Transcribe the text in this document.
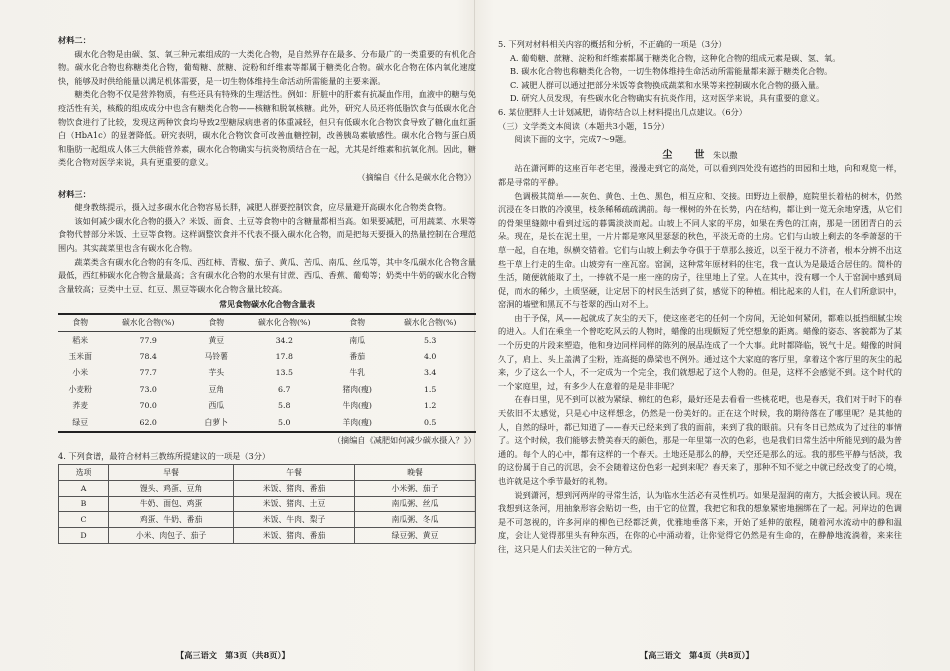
材料二：

碳水化合物是由碳、氢、氧三种元素组成的一大类化合物，是自然界存在最多、分布最广的一类重要的有机化合物。碳水化合物也称糖类化合物，葡萄糖、蔗糖、淀粉和纤维素等都属于糖类化合物。碳水化合物在体内氧化速度快，能够及时供给能量以满足机体需要，是一切生物体维持生命活动所需能量的主要来源。

糖类化合物不仅是营养物质，有些还具有特殊的生理活性。例如：肝脏中的肝素有抗凝血作用，血液中的糖与免疫活性有关，核酸的组成成分中也含有糖类化合物——核糖和脱氧核糖。此外，研究人员还将低脂饮食与低碳水化合物饮食进行了比较，发现这两种饮食均导致2型糖尿病患者的体重减轻，但只有低碳水化合物饮食导致了糖化血红蛋白（HbA1c）的显著降低。研究表明，碳水化合物饮食可改善血糖控制，改善胰岛素敏感性。碳水化合物与蛋白质和脂肪一起组成人体三大供能营养素，碳水化合物确实与抗炎物质结合在一起，尤其是纤维素和抗氧化剂。因此，糖类化合物对医学来说，具有更重要的意义。

（摘编自《什么是碳水化合物》）

材料三：

健身教练提示，摄入过多碳水化合物容易长胖，减肥人群要控制饮食，应尽量避开高碳水化合物类食物。

该如何减少碳水化合物的摄入？米饭、面食、土豆等食物中的含糖量都相当高。如果要减肥，可用蔬菜、水果等食物代替部分米饭、土豆等食物。这样调整饮食并不代表不摄入碳水化合物，而是把每天要摄入的热量控制在合理范围内。其实蔬菜里也含有碳水化合物。

蔬菜类含有碳水化合物的有冬瓜、西红柿、青椒、茄子、黄瓜、苦瓜、南瓜、丝瓜等，其中冬瓜碳水化合物含量最低，西红柿碳水化合物含量最高；含有碳水化合物的水果有甘蔗、西瓜、香蕉、葡萄等；奶类中牛奶的碳水化合物含量较高；豆类中土豆、红豆、黑豆等碳水化合物含量比较高。

常见食物碳水化合物含量表
食物	碳水化合物(%)	食物	碳水化合物(%)	食物	碳水化合物(%)
稻米	77.9	黄豆	34.2	南瓜	5.3
玉米面	78.4	马铃薯	17.8	番茄	4.0
小米	77.7	芋头	13.5	牛乳	3.4
小麦粉	73.0	豆角	6.7	猪肉(瘦)	1.5
荞麦	70.0	西瓜	5.8	牛肉(瘦)	1.2
绿豆	62.0	白萝卜	5.0	羊肉(瘦)	0.5

（摘编自《减肥如何减少碳水摄入？》）

4. 下列食谱，最符合材料三教练所提建议的一项是（3分）

选项	早餐	午餐	晚餐
A	馒头、鸡蛋、豆角	米饭、猪肉、番茄	小米粥、茄子
B	牛奶、面包、鸡蛋	米饭、猪肉、土豆	南瓜粥、丝瓜
C	鸡蛋、牛奶、番茄	米饭、牛肉、梨子	南瓜粥、冬瓜
D	小米、肉包子、茄子	米饭、猪肉、番茄	绿豆粥、黄豆
【高三语文　第3页（共8页）】

5. 下列对材料相关内容的概括和分析，不正确的一项是（3分）

A. 葡萄糖、蔗糖、淀粉和纤维素都属于糖类化合物，这种化合物的组成元素是碳、氢、氧。

B. 碳水化合物也称糖类化合物，一切生物体维持生命活动所需能量都来源于糖类化合物。

C. 减肥人群可以通过把部分米饭等食物换成蔬菜和水果等来控制碳水化合物的摄入量。

D. 研究人员发现，有些碳水化合物确实有抗炎作用，这对医学来说，具有重要的意义。

6. 某位肥胖人士计划减肥，请你结合以上材料提出几点建议。（6分）

（三）文学类文本阅读（本题共3小题，15分）

阅读下面的文字，完成7～9题。

尘　世 朱以撒

站在潇河畔的这座百年老宅里，漫漫走到它的高处，可以看到四处没有遮挡的田园和土地，向和观览一样，都是寻常的平静。

色调极其简单——灰色、黄色、土色、黑色，相互应和、交接。田野边上很静，庭院里长着枯的树木，仍然沉浸在冬日散的冷漠里，枝条稀稀疏疏满前。每一棵树的外在长势，内在结构，都让到一览无余地穿透，从它们的骨架里缝隙中看到过远的暮霭淡淡而起。山坡上不同人家的平房，如果在秀色的江南，那是一团团青白的云朵。现在，是长在泥土里，一片片都是寒风里瑟瑟的秋色，平淡无奇的土房。它们与山坡上剩去的冬季萧瑟的干草一起，自在地，纵横交错着。它们与山坡上剩去争夺俱于于草那么接近，以至于视力不济者，根本分辨不出这些干草上行走的生命。山坡旁有一座瓦窑。窑洞，这种常年原材料的住宅，我一直认为是最适合居住的。简朴的生活，随便就能取了土，一捧就不是一座一座的房子，往里地上了堂。人在其中，没有哪一个人于窑洞中感到局促，而水的稀少，土质坚硬，让定居下的村民生活到了贫，感觉下的种植。相比起来的人们，在人们所意识中，窑洞的墙壁和黑瓦不与苍翠的西山对不上。

由于予保，风——起就成了灰尘的天下，使这座老宅的任何一个房间，无论如何紧闭，都难以抵挡细腻尘埃的进入。人们在乘坐一个曾吃吃风云的人物时，蜡像的出现颇短了凭空想象的距离。蜡像的姿态、客貌都为了某一个历史的片段来塑造，他和身边同样同样的陈列的展品连成了一个大事。此时都降临，锐气十足。蜡像的时间久了，肩上、头上盖满了尘粉，连高挺的鼻梁也不例外。通过这个大家庭的客厅里，拿着这个客厅里的灰尘的起来，少了这么一个人，不一定成为一个完全，我们就想起了这个人物的。但是，这样不会感觉不到。这个时代的一个家庭里，过，有多少人在意着的是是非非呢？

在春日里，见不到可以被为紧绿、棉红的色彩，最好还是去看看一些桃花吧，也是春天，我们对于时下的春天依旧不太感觉，只是心中这样想念，仍然是一份美好的。正在这个时候，我的期待落在了哪里呢？是其他的人，自然的绿叶，都已知道了——春天已经来到了我的面前，来到了我的眼前。只有冬日已然成为了过往的事情了。这个时候，我们能够去赞美春天的颜色，那是一年里第一次的色彩，也是我们日常生活中所能见到的最为普通的。每个人的心中，都有这样的一个春天。土地还是那么的静，天空还是那么的远。我的那些平静与恬淡，我的这份属于自己的沉思，会不会随着这份色彩一起到来呢？春天来了，那种不知不觉之中就已经改变了的心境，也许就是这个季节最好的礼物。

说到潇河，想到河两岸的寻常生活，认为临水生活必有灵性机巧。如果是湿润的南方，大抵会被认同。现在我想到这条河，用抽象形容会贴切一些，由于它的位置，我把它和我的想象紧密地捆绑在了一起。河岸边的色调是不可忽视的，许多河岸的柳色已经都泛黄，优雅地垂落下来，开始了延伸的旅程，随着河水流动中的静和温度，会让人觉得那里头有种东西，在你的心中涌动着，让你觉得它仍然是有生命的，在静静地流淌着，来来往往，这只是人们去关注它的一种方式。

【高三语文　第4页（共8页）】
